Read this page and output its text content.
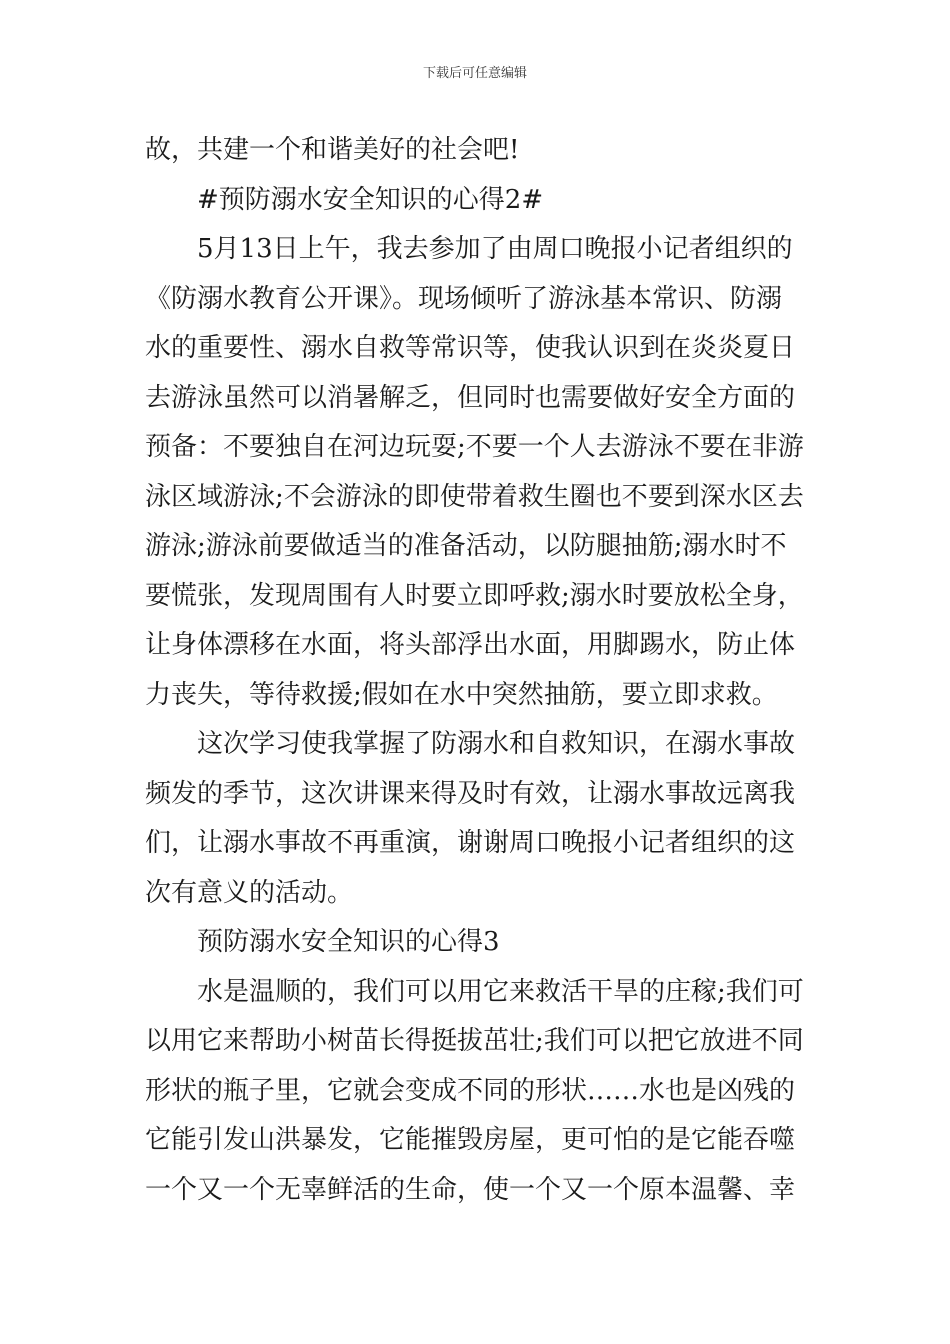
下载后可任意编辑
故，共建一个和谐美好的社会吧!
#预防溺水安全知识的心得2#
5月13日上午，我去参加了由周口晚报小记者组织的
《防溺水教育公开课》。现场倾听了游泳基本常识、防溺
水的重要性、溺水自救等常识等，使我认识到在炎炎夏日
去游泳虽然可以消暑解乏，但同时也需要做好安全方面的
预备：不要独自在河边玩耍;不要一个人去游泳不要在非游
泳区域游泳;不会游泳的即使带着救生圈也不要到深水区去
游泳;游泳前要做适当的准备活动，以防腿抽筋;溺水时不
要慌张，发现周围有人时要立即呼救;溺水时要放松全身，
让身体漂移在水面，将头部浮出水面，用脚踢水，防止体
力丧失，等待救援;假如在水中突然抽筋，要立即求救。
这次学习使我掌握了防溺水和自救知识，在溺水事故
频发的季节，这次讲课来得及时有效，让溺水事故远离我
们，让溺水事故不再重演，谢谢周口晚报小记者组织的这
次有意义的活动。
预防溺水安全知识的心得3
水是温顺的，我们可以用它来救活干旱的庄稼;我们可
以用它来帮助小树苗长得挺拔茁壮;我们可以把它放进不同
形状的瓶子里，它就会变成不同的形状……水也是凶残的
它能引发山洪暴发，它能摧毁房屋，更可怕的是它能吞噬
一个又一个无辜鲜活的生命，使一个又一个原本温馨、幸
